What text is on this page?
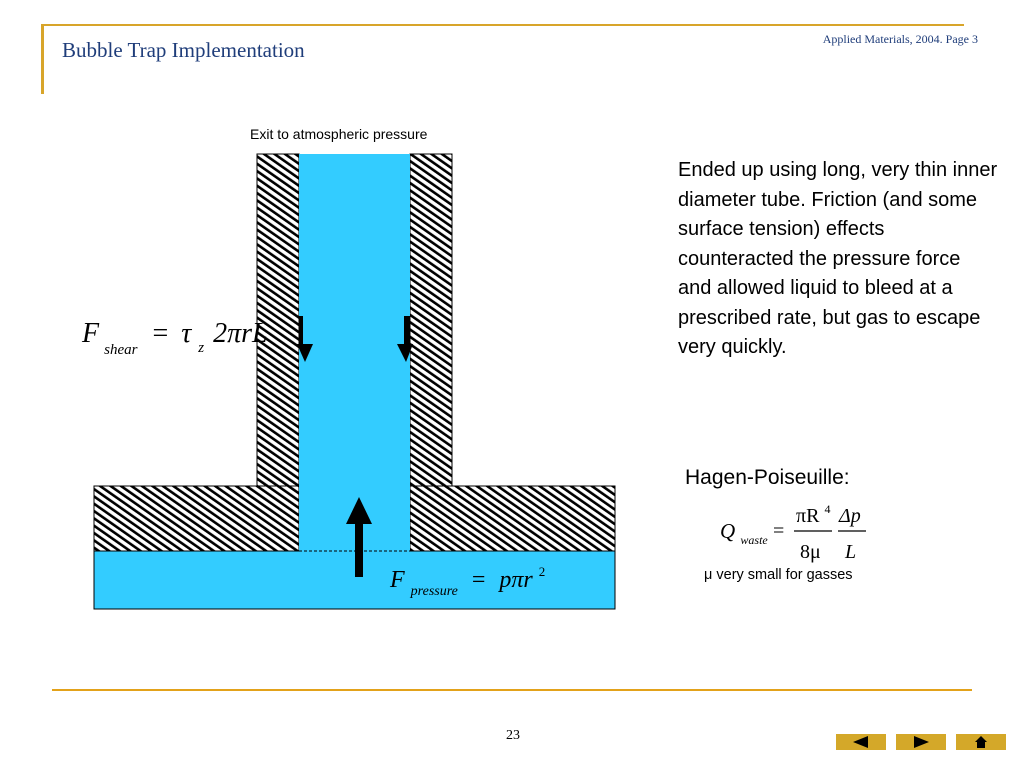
Bubble Trap Implementation	Applied Materials, 2004. Page 3
F shear = τ $_z$ 2πrL
F $_{pressure}$ = pπr $^2$
Q $_{waste}$ =
πR $^4$
8μ
Δp
L
Exit to atmospheric pressure
Ended up using long, very thin inner diameter tube. Friction (and some surface tension) effects counteracted the pressure force and allowed liquid to bleed at a prescribed rate, but gas to escape very quickly.
Hagen-Poiseuille:
μ very small for gasses
23
